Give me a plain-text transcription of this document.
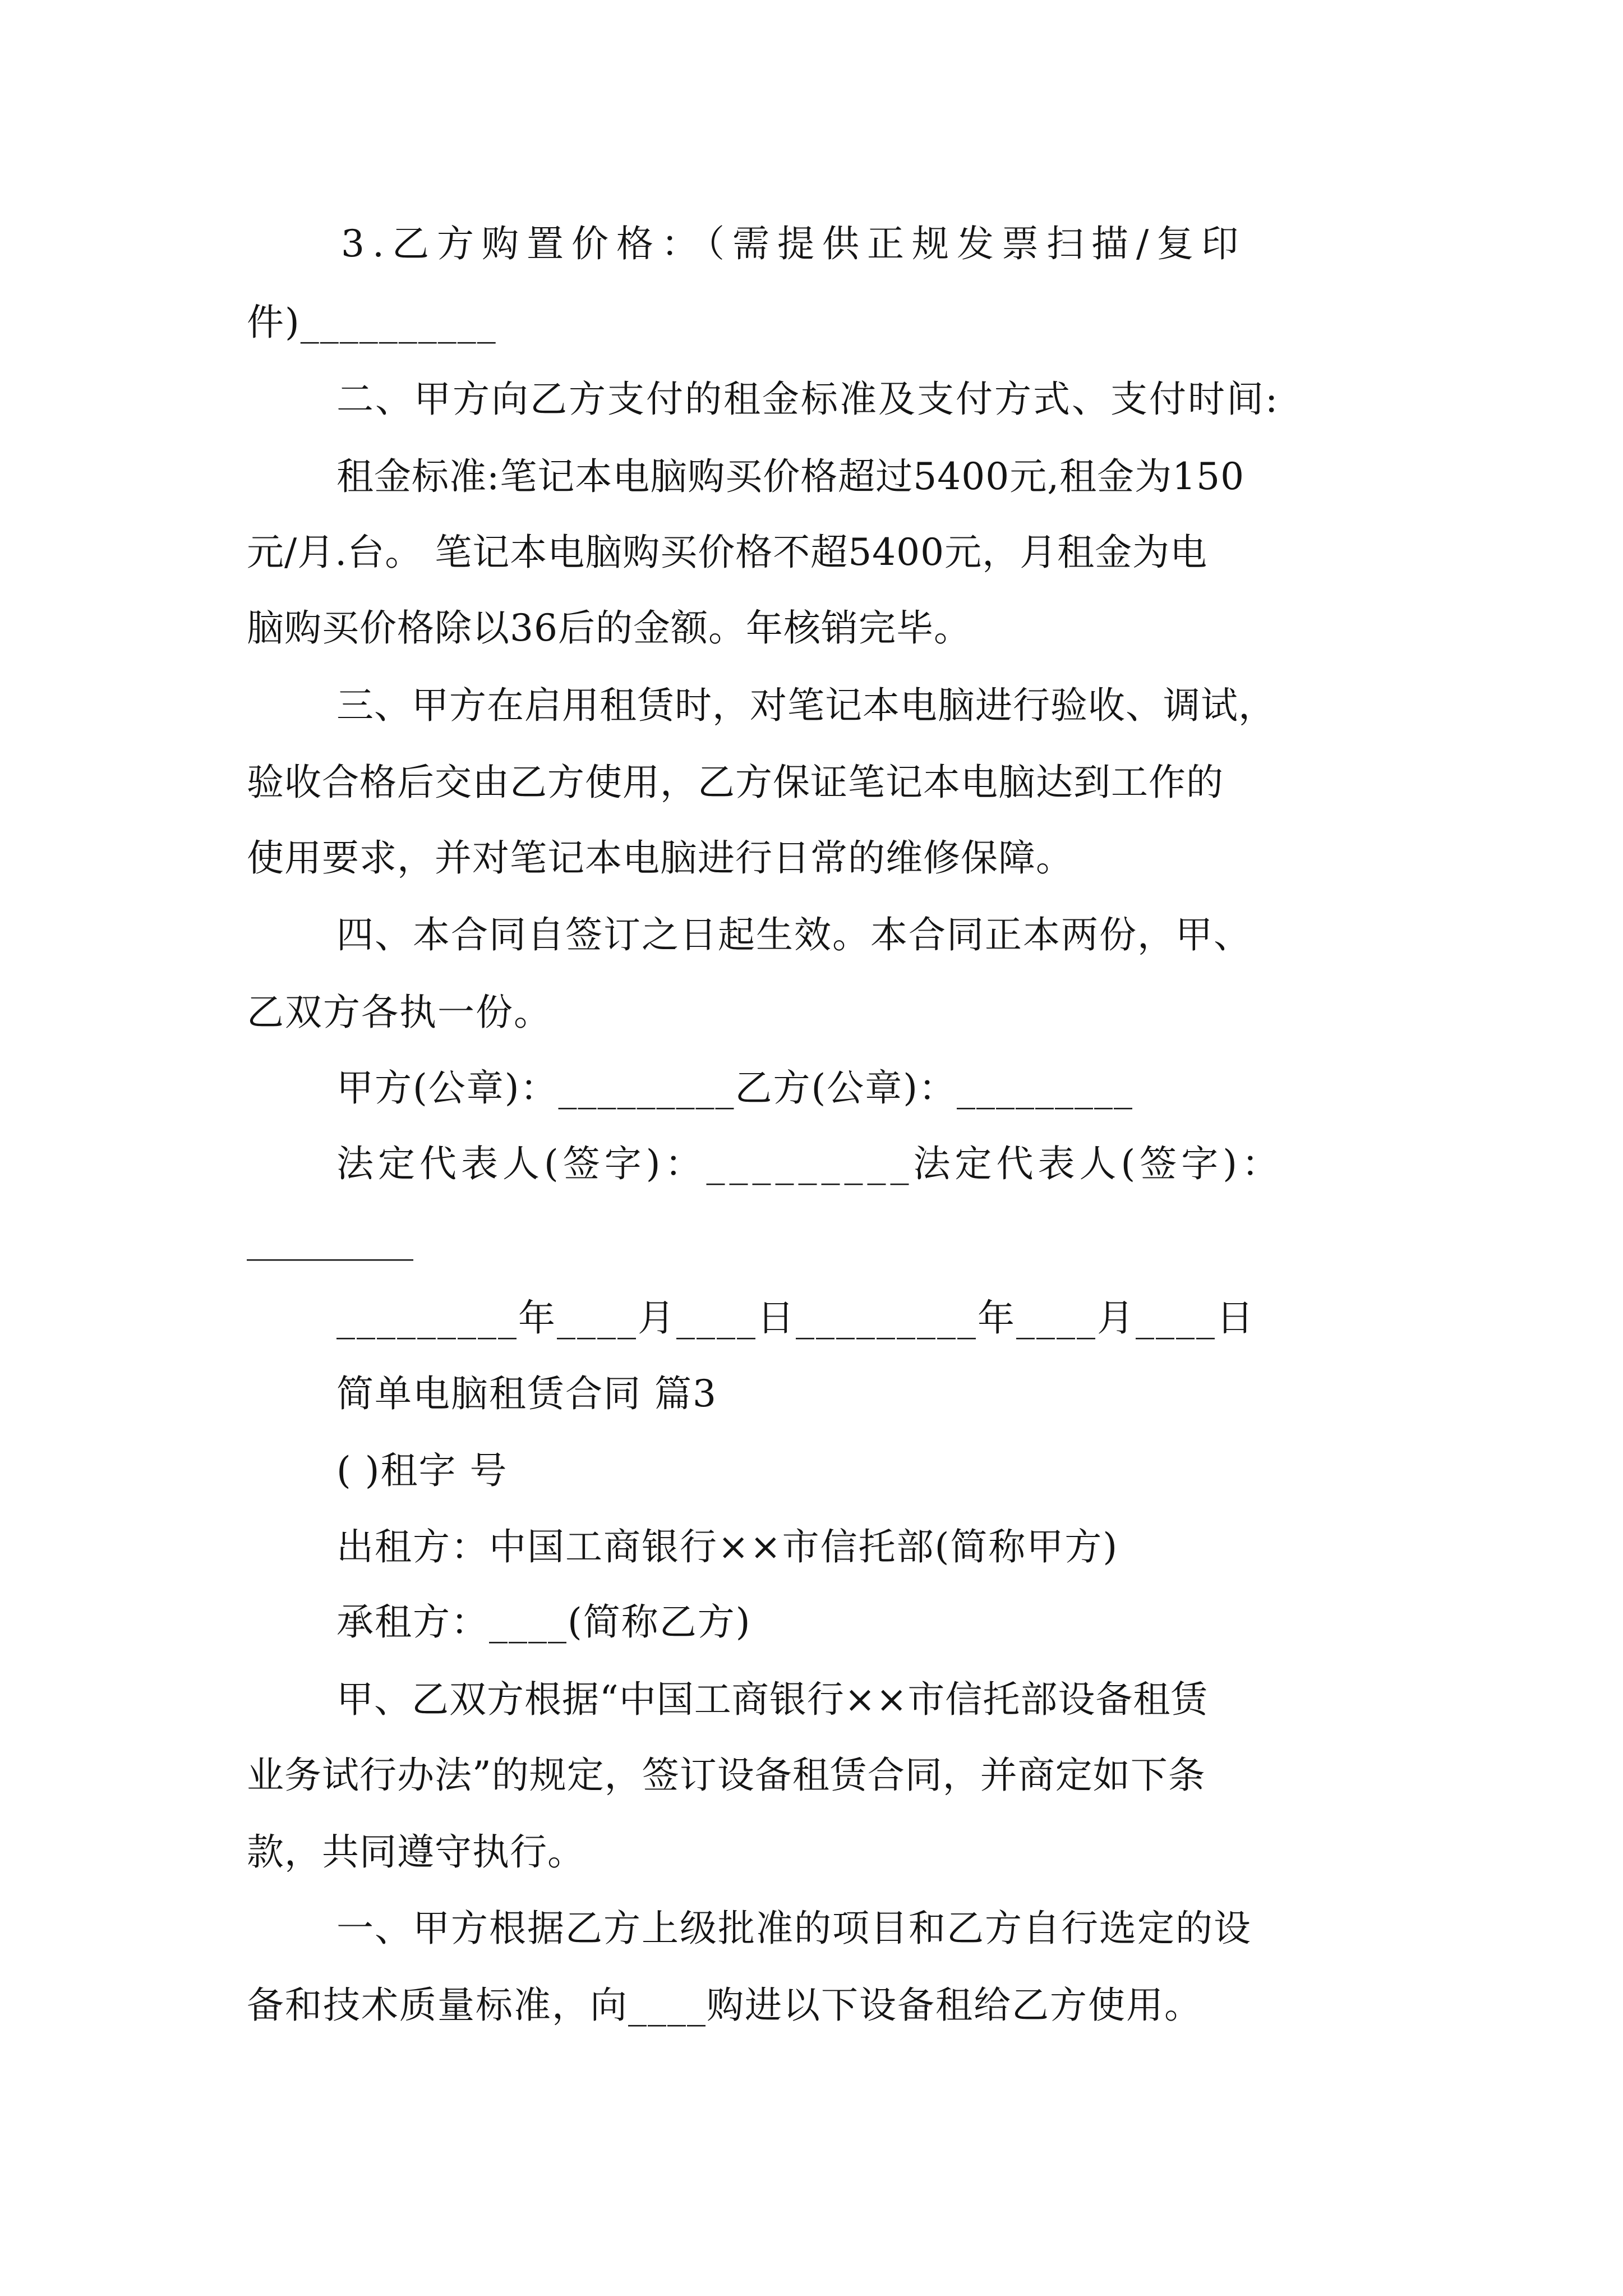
3.乙方购置价格：（需提供正规发票扫描/复印
件)__________
二、甲方向乙方支付的租金标准及支付方式、支付时间:
租金标准:笔记本电脑购买价格超过5400元,租金为150
元/月.台。 笔记本电脑购买价格不超5400元，月租金为电
脑购买价格除以36后的金额。年核销完毕。
三、甲方在启用租赁时，对笔记本电脑进行验收、调试，
验收合格后交由乙方使用，乙方保证笔记本电脑达到工作的
使用要求，并对笔记本电脑进行日常的维修保障。
四、本合同自签订之日起生效。本合同正本两份，甲、
乙双方各执一份。
甲方(公章)：_________乙方(公章)：_________
法定代表人(签字)：_________法定代表人(签字)：
_________
_________年____月____日_________年____月____日
简单电脑租赁合同 篇3
( )租字 号
出租方：中国工商银行××市信托部(简称甲方)
承租方：____(简称乙方)
甲、乙双方根据“中国工商银行××市信托部设备租赁
业务试行办法”的规定，签订设备租赁合同，并商定如下条
款，共同遵守执行。
一、甲方根据乙方上级批准的项目和乙方自行选定的设
备和技术质量标准，向____购进以下设备租给乙方使用。
